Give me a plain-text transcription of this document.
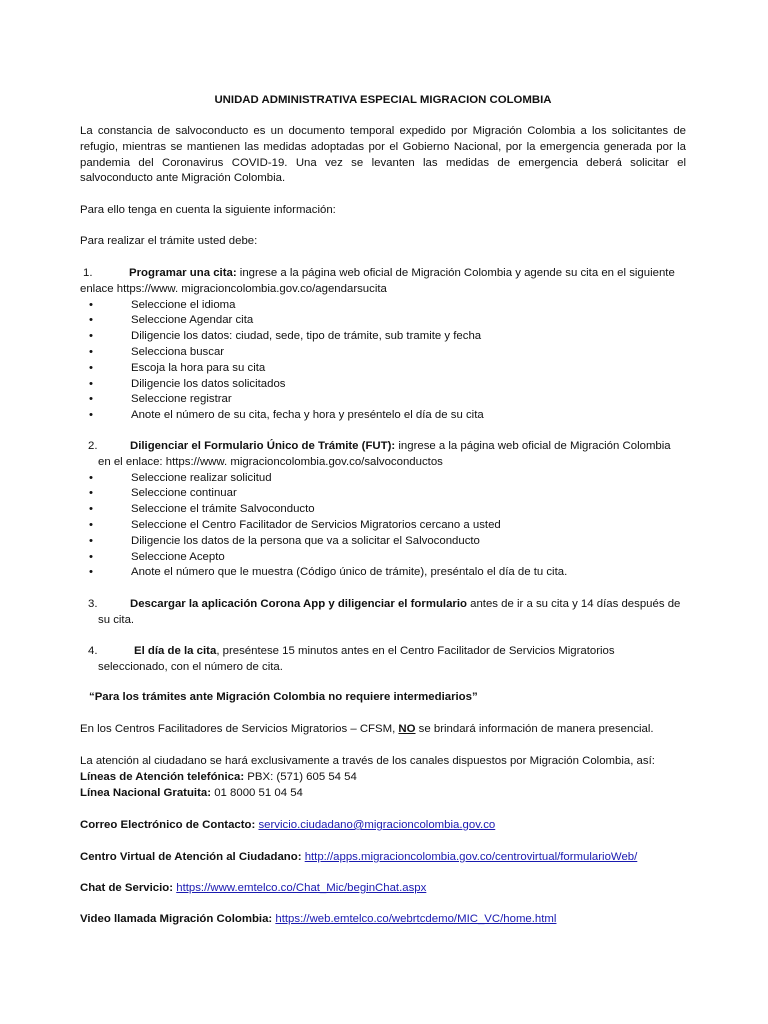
UNIDAD ADMINISTRATIVA ESPECIAL MIGRACION COLOMBIA
La constancia de salvoconducto es un documento temporal expedido por Migración Colombia a los solicitantes de refugio, mientras se mantienen las medidas adoptadas por el Gobierno Nacional, por la emergencia generada por la pandemia del Coronavirus COVID-19. Una vez se levanten las medidas de emergencia deberá solicitar el salvoconducto ante Migración Colombia.
Para ello tenga en cuenta la siguiente información:
Para realizar el trámite usted debe:
1.	Programar una cita: ingrese a la página web oficial de Migración Colombia y agende su cita en el siguiente
enlace https://www. migracioncolombia.gov.co/agendarsucita
•	Seleccione el idioma
•	Seleccione Agendar cita
•	Diligencie los datos: ciudad, sede, tipo de trámite, sub tramite y fecha
•	Selecciona buscar
•	Escoja la hora para su cita
•	Diligencie los datos solicitados
•	Seleccione registrar
•	Anote el número de su cita, fecha y hora y preséntelo el día de su cita
2.	Diligenciar el Formulario Único de Trámite (FUT): ingrese a la página web oficial de Migración Colombia
en el enlace: https://www. migracioncolombia.gov.co/salvoconductos
•	Seleccione realizar solicitud
•	Seleccione continuar
•	Seleccione el trámite Salvoconducto
•	Seleccione el Centro Facilitador de Servicios Migratorios cercano a usted
•	Diligencie los datos de la persona que va a solicitar el Salvoconducto
•	Seleccione Acepto
•	Anote el número que le muestra (Código único de trámite), preséntalo el día de tu cita.
3.	Descargar la aplicación Corona App y diligenciar el formulario antes de ir a su cita y 14 días después de
su cita.
4.	El día de la cita, preséntese 15 minutos antes en el Centro Facilitador de Servicios Migratorios
seleccionado, con el número de cita.
“Para los trámites ante Migración Colombia no requiere intermediarios”
En los Centros Facilitadores de Servicios Migratorios – CFSM, NO se brindará información de manera presencial.
La atención al ciudadano se hará exclusivamente a través de los canales dispuestos por Migración Colombia, así:
Líneas de Atención telefónica: PBX: (571) 605 54 54
Línea Nacional Gratuita: 01 8000 51 04 54
Correo Electrónico de Contacto: servicio.ciudadano@migracioncolombia.gov.co
Centro Virtual de Atención al Ciudadano: http://apps.migracioncolombia.gov.co/centrovirtual/formularioWeb/
Chat de Servicio: https://www.emtelco.co/Chat_Mic/beginChat.aspx
Video llamada Migración Colombia: https://web.emtelco.co/webrtcdemo/MIC_VC/home.html
